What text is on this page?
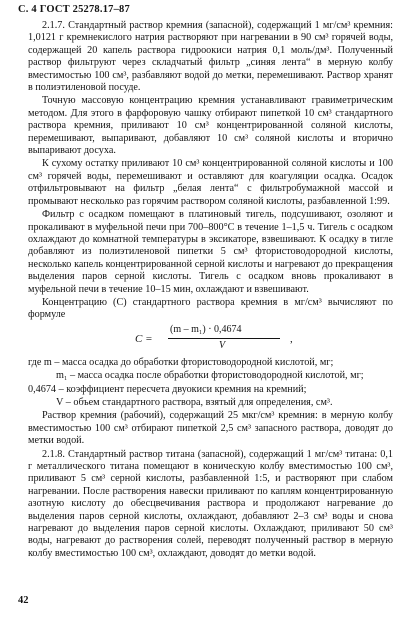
С. 4 ГОСТ 25278.17–87

2.1.7. Стандартный раствор кремния (запасной), содержащий 1 мг/см³ кремния: 1,0121 г кремнекислого натрия растворяют при нагревании в 90 см³ горячей воды, содержащей 20 капель раствора гидроокиси натрия 0,1 моль/дм³. Полученный раствор фильтруют через складчатый фильтр „синяя лента“ в мерную колбу вместимостью 100 см³, разбавляют водой до метки, перемешивают. Раствор хранят в полиэтиленовой посуде.

Точную массовую концентрацию кремния устанавливают гравиметрическим методом. Для этого в фарфоровую чашку отбирают пипеткой 10 см³ стандартного раствора кремния, приливают 10 см³ концентрированной соляной кислоты, перемешивают, выпаривают, добавляют 10 см³ соляной кислоты и вторично выпаривают досуха.

К сухому остатку приливают 10 см³ концентрированной соляной кислоты и 100 см³ горячей воды, перемешивают и оставляют для коагуляции осадка. Осадок отфильтровывают на фильтр „белая лента“ с фильтробумажной массой и промывают несколько раз горячим раствором соляной кислоты, разбавленной 1:99.

Фильтр с осадком помещают в платиновый тигель, подсушивают, озоляют и прокаливают в муфельной печи при 700–800°С в течение 1–1,5 ч. Тигель с осадком охлаждают до комнатной температуры в эксикаторе, взвешивают. К осадку в тигле добавляют из полиэтиленовой пипетки 5 см³ фтористоводородной кислоты, несколько капель концентрированной серной кислоты и нагревают до прекращения выделения паров серной кислоты. Тигель с осадком вновь прокаливают в муфельной печи в течение 10–15 мин, охлаждают и взвешивают.

Концентрацию (С) стандартного раствора кремния в мг/см³ вычисляют по формуле

C =
(m – m₁) · 0,4674
V
,

где m – масса осадка до обработки фтористоводородной кислотой, мг;

m₁ – масса осадка после обработки фтористоводородной кислотой, мг;

0,4674 – коэффициент пересчета двуокиси кремния на кремний;

V – объем стандартного раствора, взятый для определения, см³.

Раствор кремния (рабочий), содержащий 25 мкг/см³ кремния: в мерную колбу вместимостью 100 см³ отбирают пипеткой 2,5 см³ запасного раствора, доводят до метки водой.

2.1.8. Стандартный раствор титана (запасной), содержащий 1 мг/см³ титана: 0,1 г металлического титана помещают в коническую колбу вместимостью 100 см³, приливают 5 см³ серной кислоты, разбавленной 1:5, и растворяют при слабом нагревании. После растворения навески приливают по каплям концентрированную азотную кислоту до обесцвечивания раствора и продолжают нагревание до выделения паров серной кислоты, охлаждают, добавляют 2–3 см³ воды и снова нагревают до выделения паров серной кислоты. Охлаждают, приливают 50 см³ воды, нагревают до растворения солей, переводят полученный раствор в мерную колбу вместимостью 100 см³, охлаждают, доводят до метки водой.

42
